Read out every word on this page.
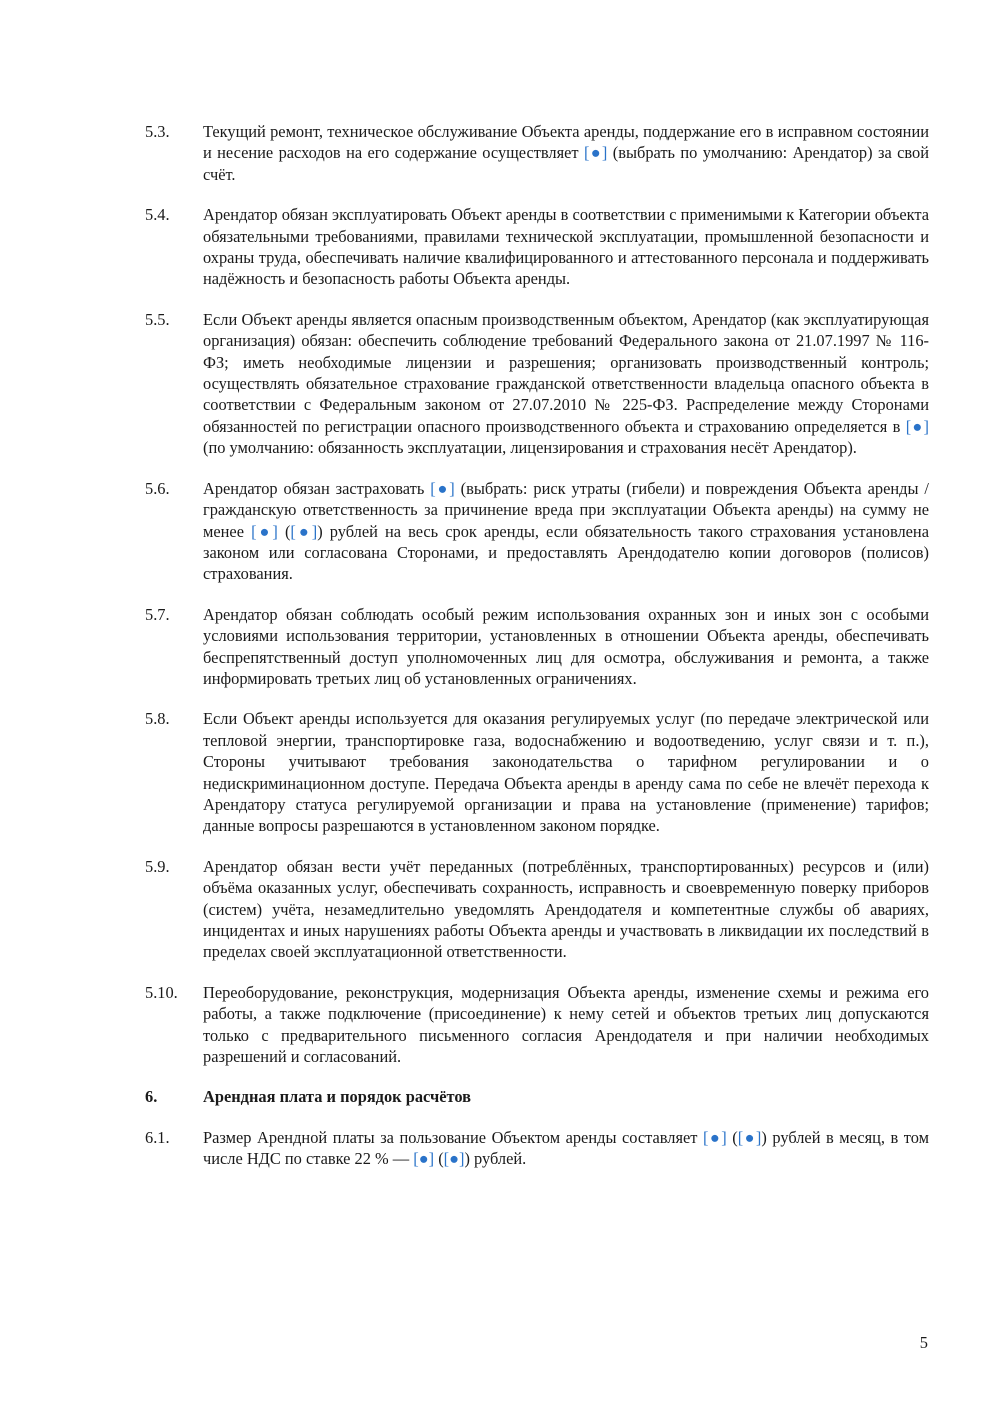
5.3.	Текущий ремонт, техническое обслуживание Объекта аренды, поддержание его в исправном состоянии и несение расходов на его содержание осуществляет [●] (выбрать по умолчанию: Арендатор) за свой счёт.
5.4.	Арендатор обязан эксплуатировать Объект аренды в соответствии с применимыми к Категории объекта обязательными требованиями, правилами технической эксплуатации, промышленной безопасности и охраны труда, обеспечивать наличие квалифицированного и аттестованного персонала и поддерживать надёжность и безопасность работы Объекта аренды.
5.5.	Если Объект аренды является опасным производственным объектом, Арендатор (как эксплуатирующая организация) обязан: обеспечить соблюдение требований Федерального закона от 21.07.1997 № 116-ФЗ; иметь необходимые лицензии и разрешения; организовать производственный контроль; осуществлять обязательное страхование гражданской ответственности владельца опасного объекта в соответствии с Федеральным законом от 27.07.2010 № 225-ФЗ. Распределение между Сторонами обязанностей по регистрации опасного производственного объекта и страхованию определяется в [●] (по умолчанию: обязанность эксплуатации, лицензирования и страхования несёт Арендатор).
5.6.	Арендатор обязан застраховать [●] (выбрать: риск утраты (гибели) и повреждения Объекта аренды / гражданскую ответственность за причинение вреда при эксплуатации Объекта аренды) на сумму не менее [●] ([●]) рублей на весь срок аренды, если обязательность такого страхования установлена законом или согласована Сторонами, и предоставлять Арендодателю копии договоров (полисов) страхования.
5.7.	Арендатор обязан соблюдать особый режим использования охранных зон и иных зон с особыми условиями использования территории, установленных в отношении Объекта аренды, обеспечивать беспрепятственный доступ уполномоченных лиц для осмотра, обслуживания и ремонта, а также информировать третьих лиц об установленных ограничениях.
5.8.	Если Объект аренды используется для оказания регулируемых услуг (по передаче электрической или тепловой энергии, транспортировке газа, водоснабжению и водоотведению, услуг связи и т. п.), Стороны учитывают требования законодательства о тарифном регулировании и о недискриминационном доступе. Передача Объекта аренды в аренду сама по себе не влечёт перехода к Арендатору статуса регулируемой организации и права на установление (применение) тарифов; данные вопросы разрешаются в установленном законом порядке.
5.9.	Арендатор обязан вести учёт переданных (потреблённых, транспортированных) ресурсов и (или) объёма оказанных услуг, обеспечивать сохранность, исправность и своевременную поверку приборов (систем) учёта, незамедлительно уведомлять Арендодателя и компетентные службы об авариях, инцидентах и иных нарушениях работы Объекта аренды и участвовать в ликвидации их последствий в пределах своей эксплуатационной ответственности.
5.10.	Переоборудование, реконструкция, модернизация Объекта аренды, изменение схемы и режима его работы, а также подключение (присоединение) к нему сетей и объектов третьих лиц допускаются только с предварительного письменного согласия Арендодателя и при наличии необходимых разрешений и согласований.
6.	Арендная плата и порядок расчётов
6.1.	Размер Арендной платы за пользование Объектом аренды составляет [●] ([●]) рублей в месяц, в том числе НДС по ставке 22 % — [●] ([●]) рублей.
5
